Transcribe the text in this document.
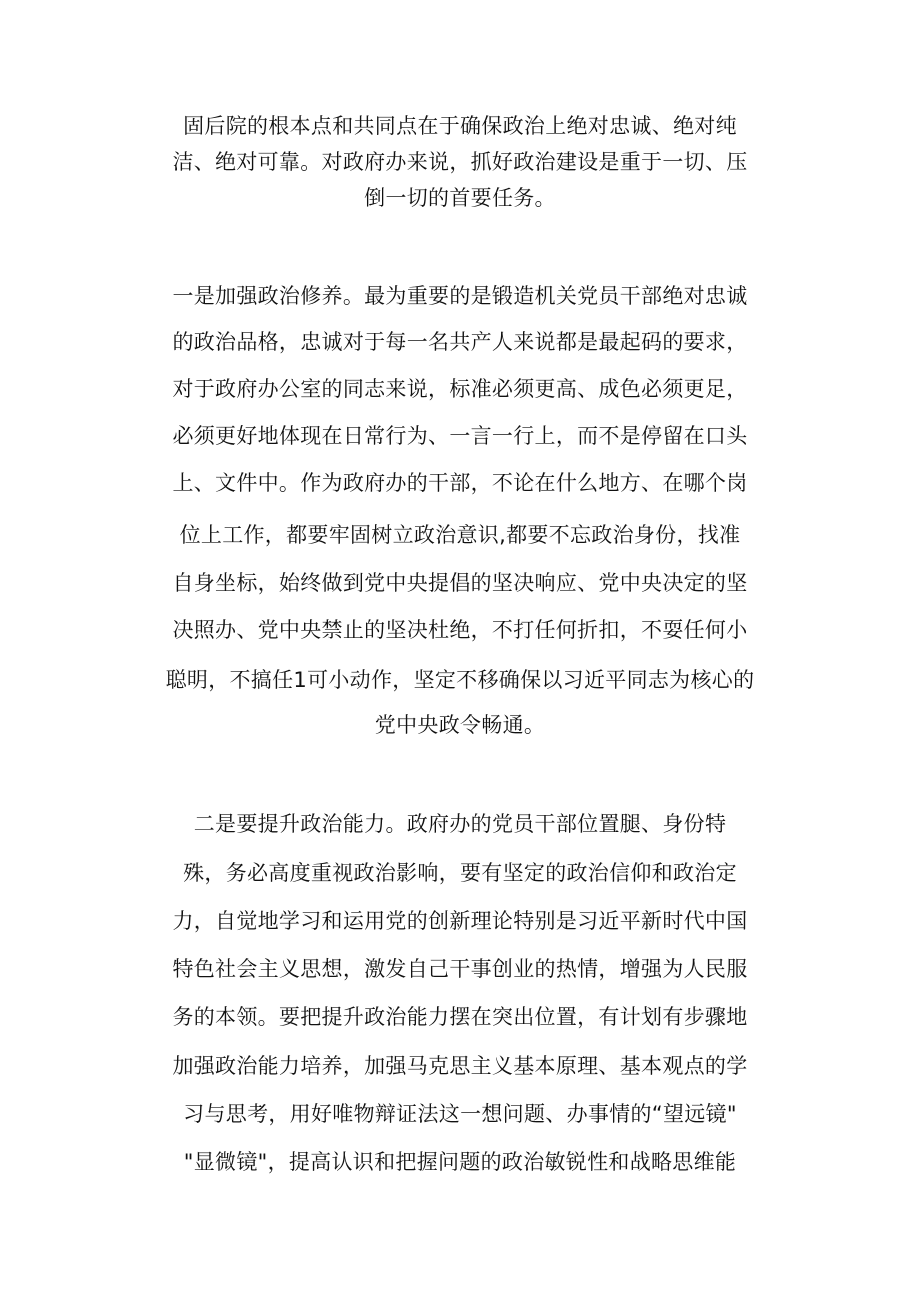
固后院的根本点和共同点在于确保政治上绝对忠诚、绝对纯
洁、绝对可靠。对政府办来说，抓好政治建设是重于一切、压
倒一切的首要任务。
一是加强政治修养。最为重要的是锻造机关党员干部绝对忠诚
的政治品格，忠诚对于每一名共产人来说都是最起码的要求，
对于政府办公室的同志来说，标准必须更高、成色必须更足，
必须更好地体现在日常行为、一言一行上，而不是停留在口头
上、文件中。作为政府办的干部，不论在什么地方、在哪个岗
位上工作，都要牢固树立政治意识,都要不忘政治身份，找准
自身坐标，始终做到党中央提倡的坚决响应、党中央决定的坚
决照办、党中央禁止的坚决杜绝，不打任何折扣，不耍任何小
聪明，不搞任1可小动作，坚定不移确保以习近平同志为核心的
党中央政令畅通。
二是要提升政治能力。政府办的党员干部位置腿、身份特
殊，务必高度重视政治影响，要有坚定的政治信仰和政治定
力，自觉地学习和运用党的创新理论特别是习近平新时代中国
特色社会主义思想，激发自己干事创业的热情，增强为人民服
务的本领。要把提升政治能力摆在突出位置，有计划有步骤地
加强政治能力培养，加强马克思主义基本原理、基本观点的学
习与思考，用好唯物辩证法这一想问题、办事情的“望远镜"
"显微镜"，提高认识和把握问题的政治敏锐性和战略思维能
